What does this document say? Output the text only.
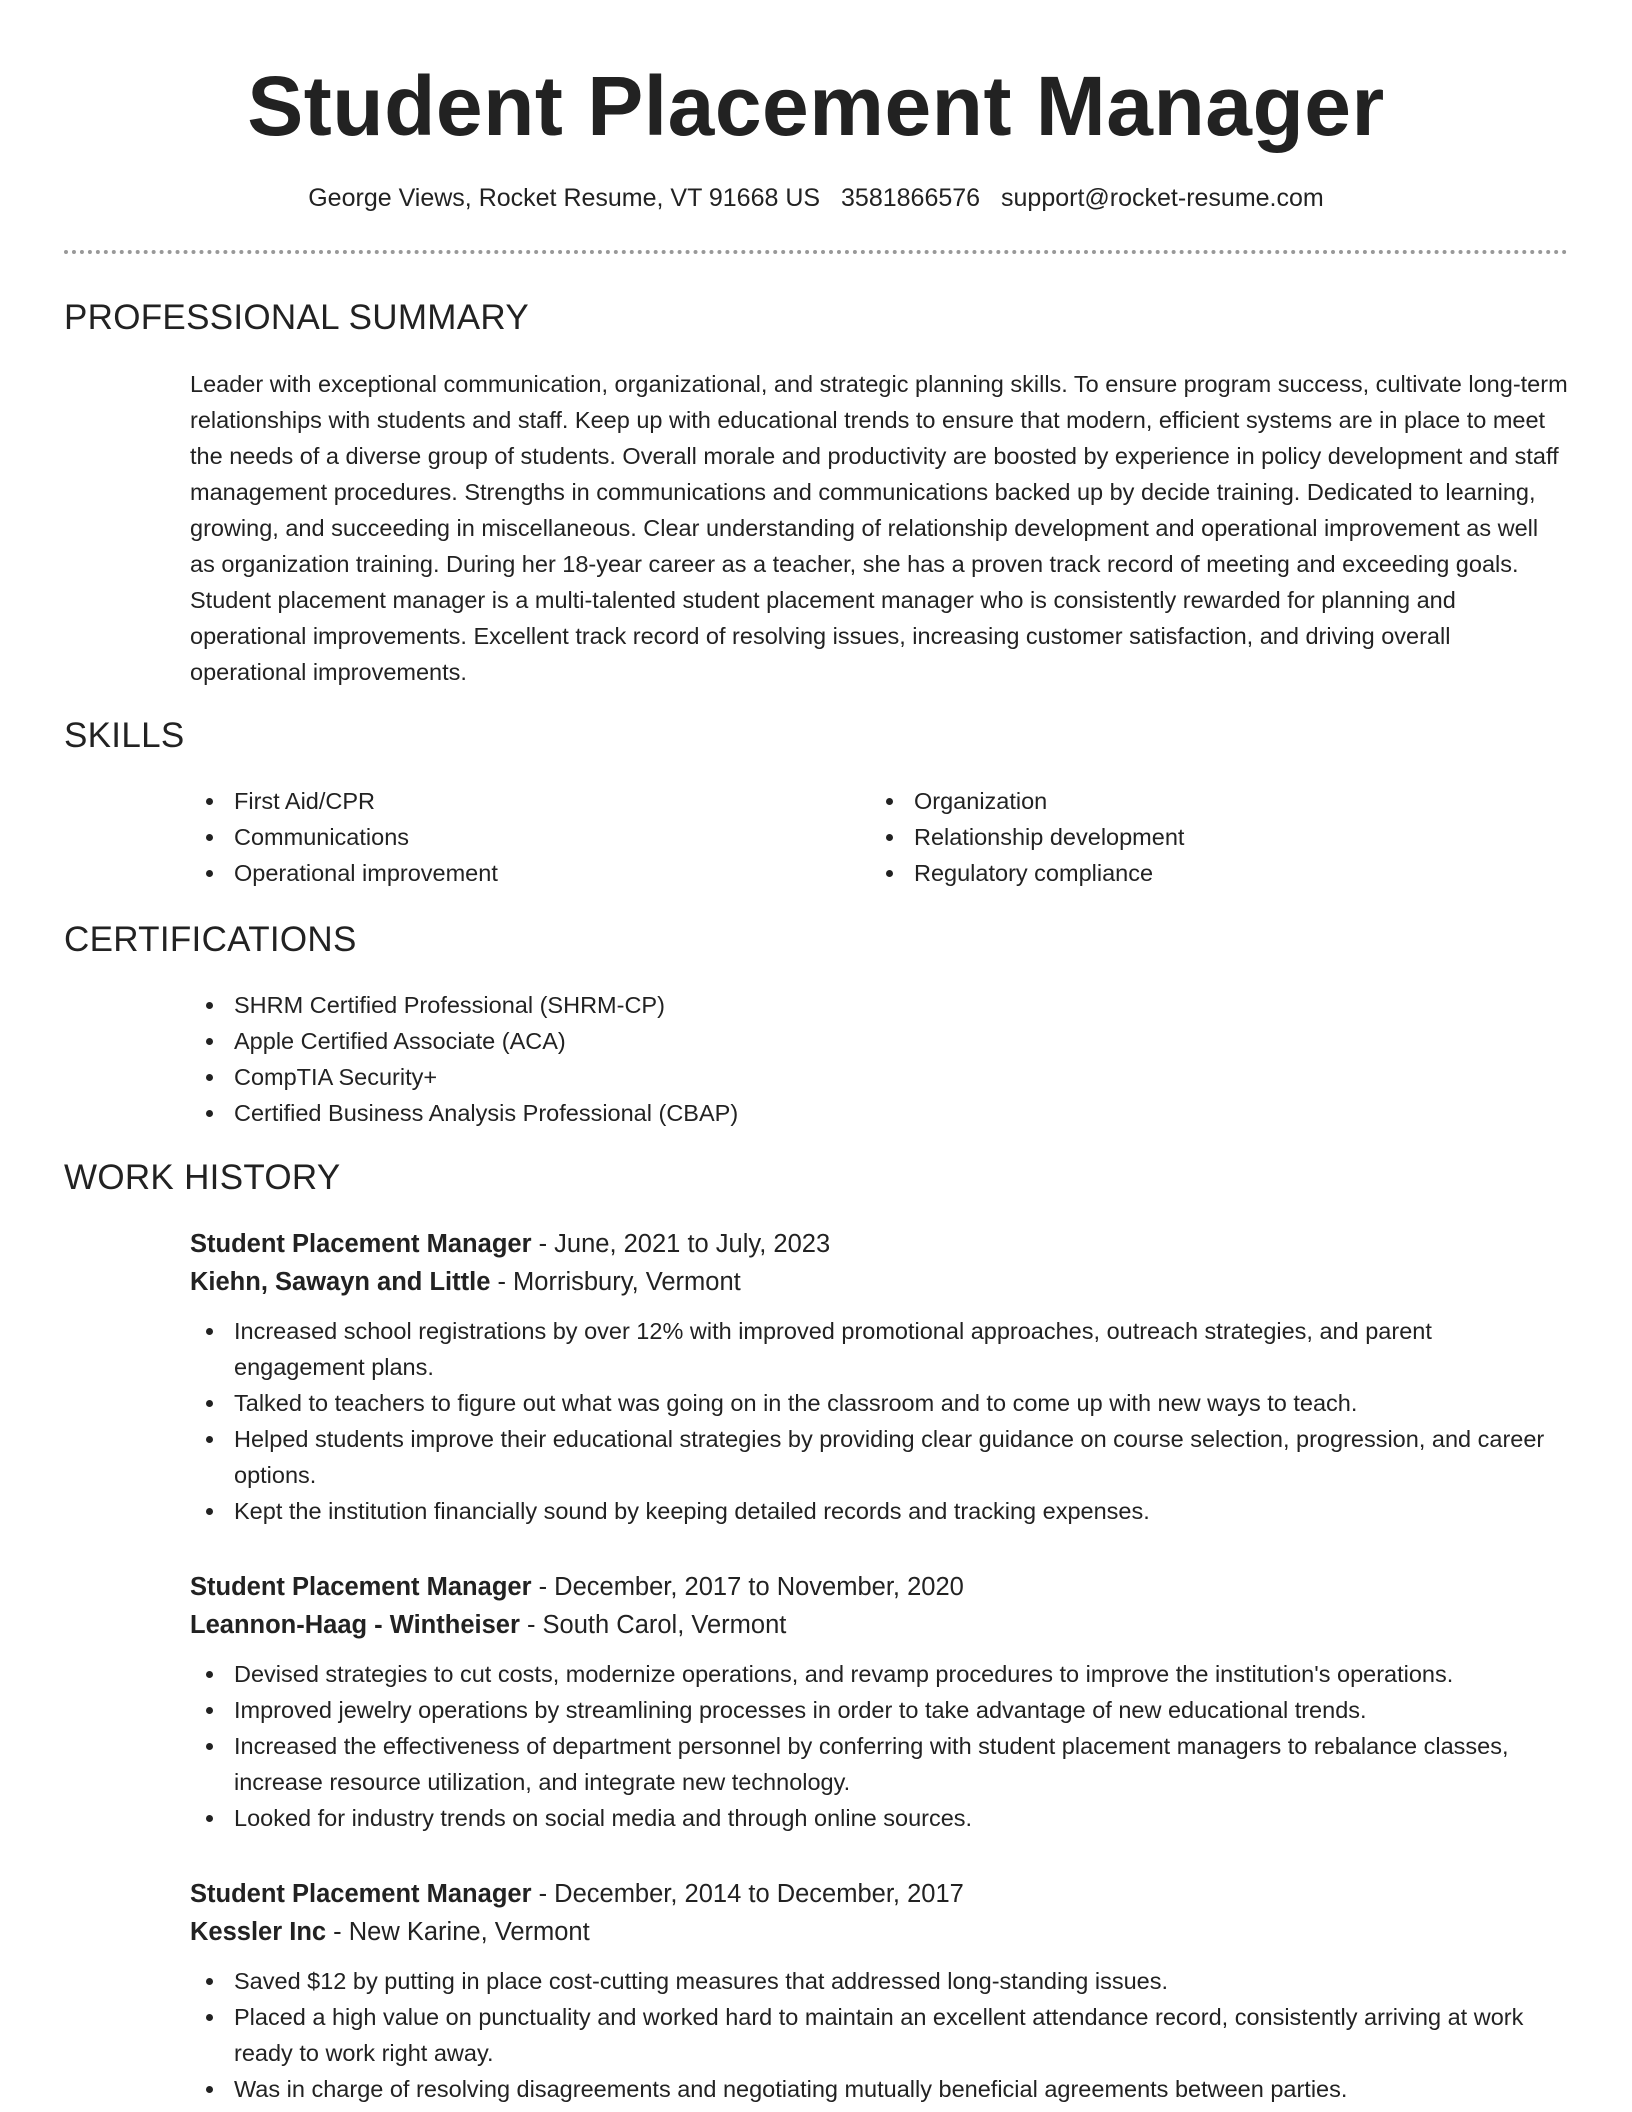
Student Placement Manager
George Views, Rocket Resume, VT 91668 US 3581866576 support@rocket-resume.com
PROFESSIONAL SUMMARY

Leader with exceptional communication, organizational, and strategic planning skills. To ensure program success, cultivate long-term relationships with students and staff. Keep up with educational trends to ensure that modern, efficient systems are in place to meet the needs of a diverse group of students. Overall morale and productivity are boosted by experience in policy development and staff management procedures. Strengths in communications and communications backed up by decide training. Dedicated to learning, growing, and succeeding in miscellaneous. Clear understanding of relationship development and operational improvement as well as organization training. During her 18-year career as a teacher, she has a proven track record of meeting and exceeding goals. Student placement manager is a multi-talented student placement manager who is consistently rewarded for planning and operational improvements. Excellent track record of resolving issues, increasing customer satisfaction, and driving overall operational improvements.

SKILLS
First Aid/CPR
Communications
Operational improvement
Organization
Relationship development
Regulatory compliance
CERTIFICATIONS
SHRM Certified Professional (SHRM-CP)
Apple Certified Associate (ACA)
CompTIA Security+
Certified Business Analysis Professional (CBAP)
WORK HISTORY
Student Placement Manager - June, 2021 to July, 2023
Kiehn, Sawayn and Little - Morrisbury, Vermont
Increased school registrations by over 12% with improved promotional approaches, outreach strategies, and parent engagement plans.
Talked to teachers to figure out what was going on in the classroom and to come up with new ways to teach.
Helped students improve their educational strategies by providing clear guidance on course selection, progression, and career options.
Kept the institution financially sound by keeping detailed records and tracking expenses.
Student Placement Manager - December, 2017 to November, 2020
Leannon-Haag - Wintheiser - South Carol, Vermont
Devised strategies to cut costs, modernize operations, and revamp procedures to improve the institution's operations.
Improved jewelry operations by streamlining processes in order to take advantage of new educational trends.
Increased the effectiveness of department personnel by conferring with student placement managers to rebalance classes, increase resource utilization, and integrate new technology.
Looked for industry trends on social media and through online sources.
Student Placement Manager - December, 2014 to December, 2017
Kessler Inc - New Karine, Vermont
Saved $12 by putting in place cost-cutting measures that addressed long-standing issues.
Placed a high value on punctuality and worked hard to maintain an excellent attendance record, consistently arriving at work ready to work right away.
Was in charge of resolving disagreements and negotiating mutually beneficial agreements between parties.
